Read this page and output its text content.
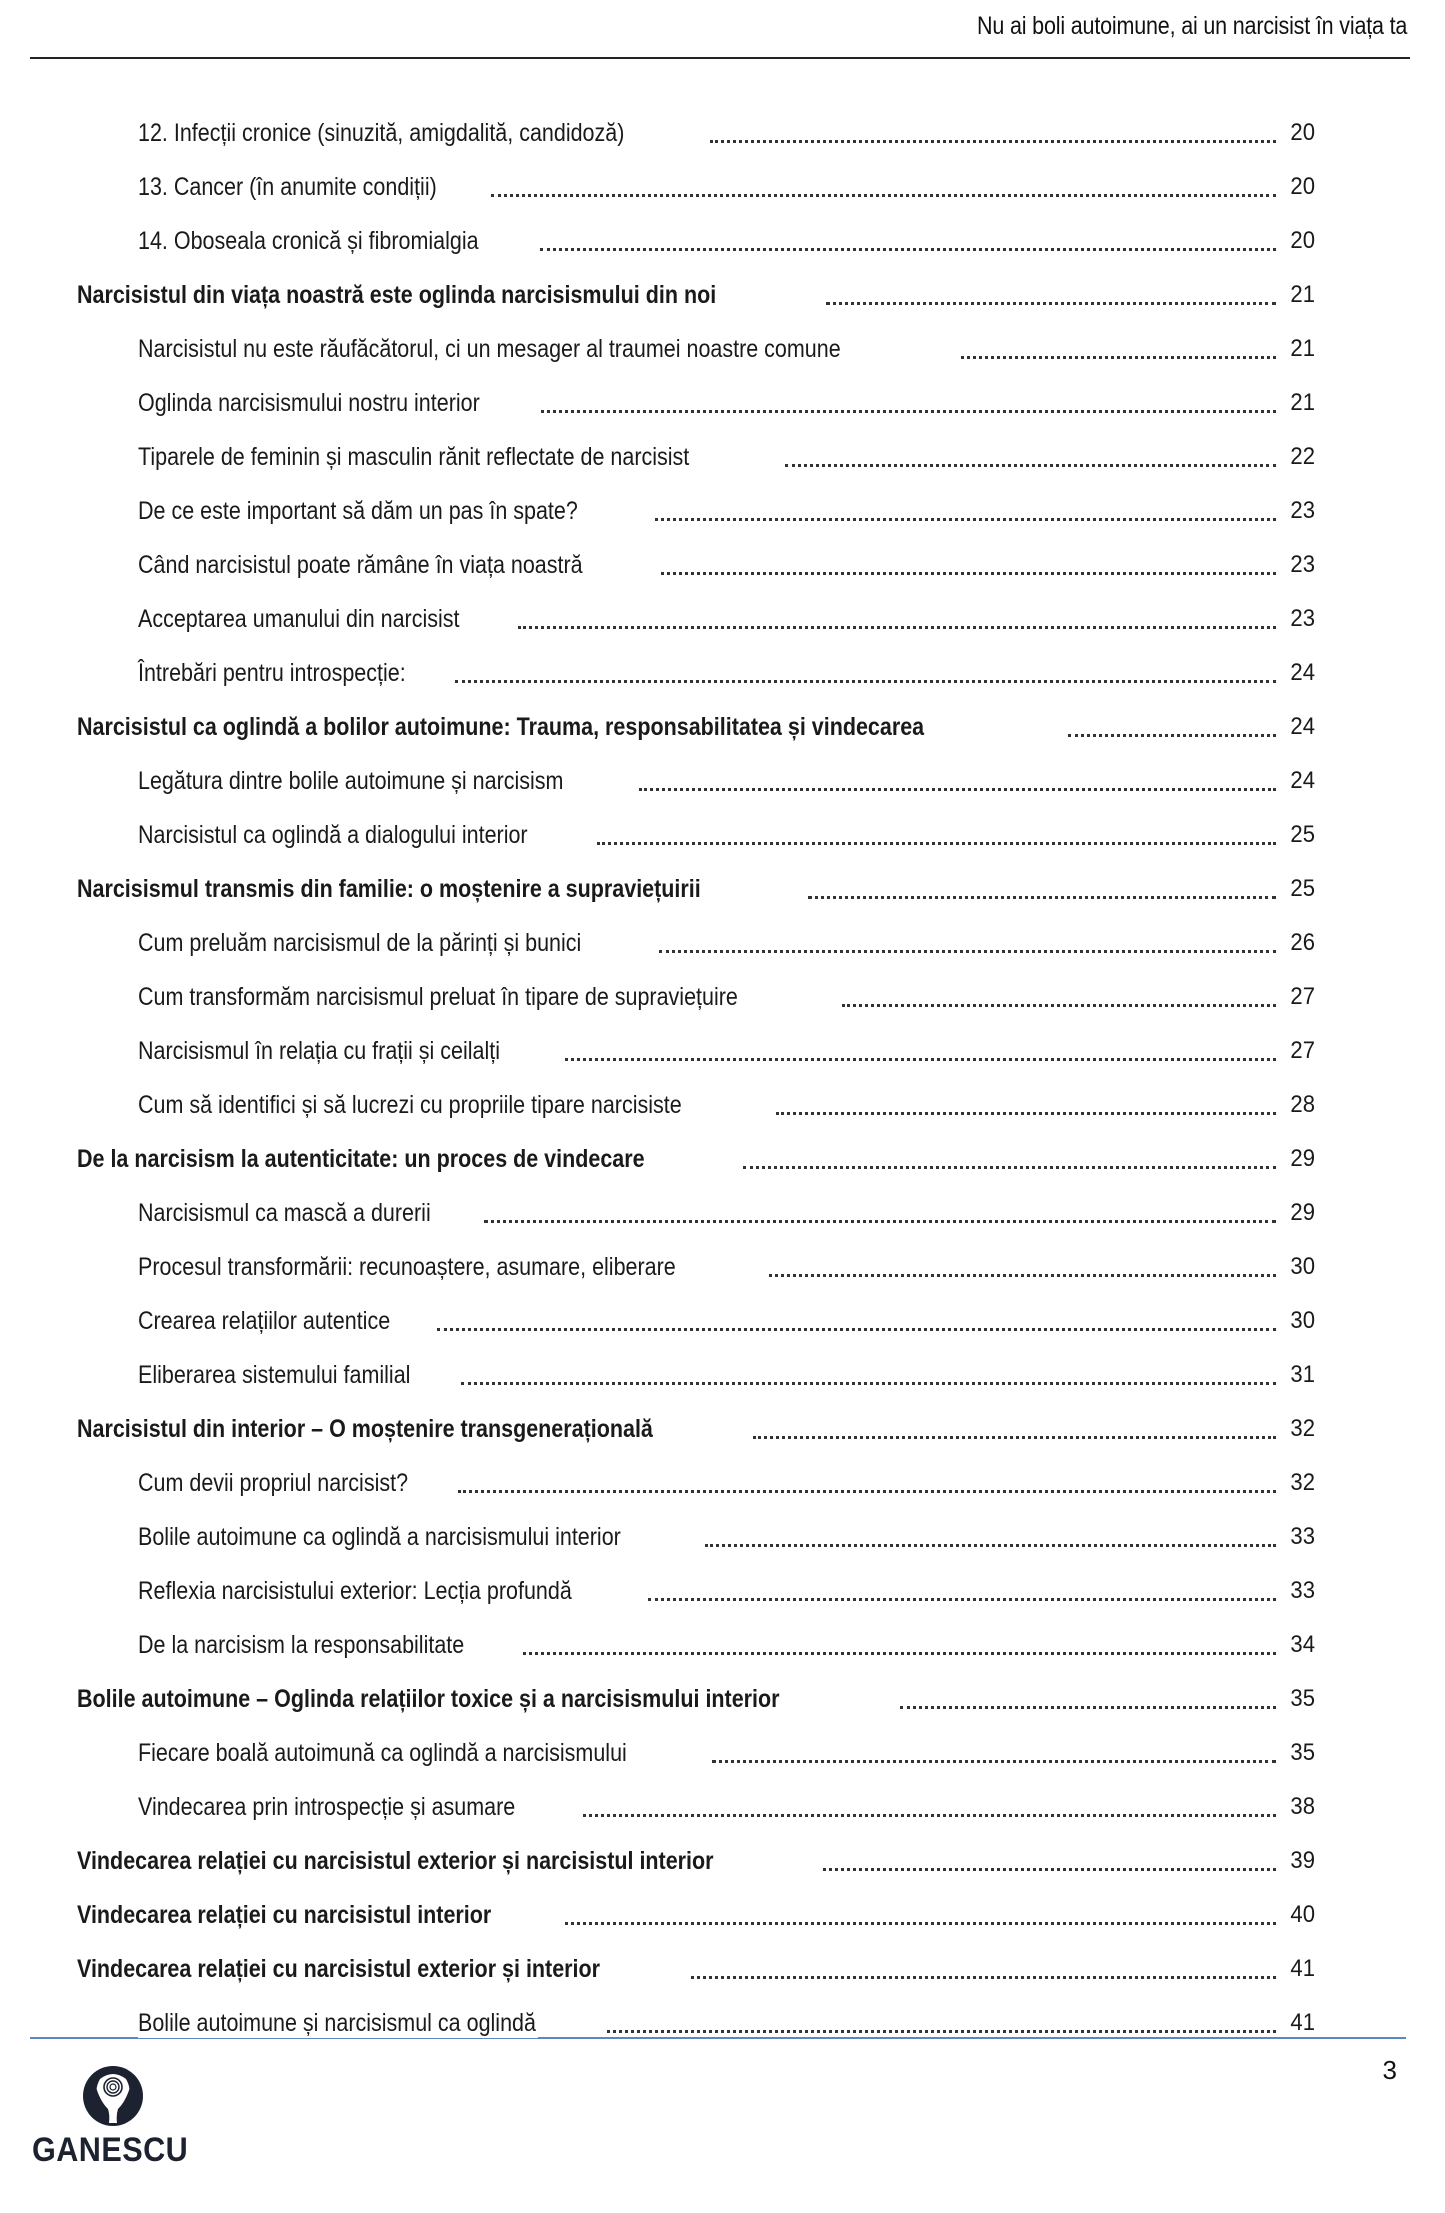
Nu ai boli autoimune, ai un narcisist în viața ta
12. Infecții cronice (sinuzită, amigdalită, candidoză)	20
13. Cancer (în anumite condiții)	20
14. Oboseala cronică și fibromialgia	20
Narcisistul din viața noastră este oglinda narcisismului din noi	21
Narcisistul nu este răufăcătorul, ci un mesager al traumei noastre comune	21
Oglinda narcisismului nostru interior	21
Tiparele de feminin și masculin rănit reflectate de narcisist	22
De ce este important să dăm un pas în spate?	23
Când narcisistul poate rămâne în viața noastră	23
Acceptarea umanului din narcisist	23
Întrebări pentru introspecție:	24
Narcisistul ca oglindă a bolilor autoimune: Trauma, responsabilitatea și vindecarea	24
Legătura dintre bolile autoimune și narcisism	24
Narcisistul ca oglindă a dialogului interior	25
Narcisismul transmis din familie: o moștenire a supraviețuirii	25
Cum preluăm narcisismul de la părinți și bunici	26
Cum transformăm narcisismul preluat în tipare de supraviețuire	27
Narcisismul în relația cu frații și ceilalți	27
Cum să identifici și să lucrezi cu propriile tipare narcisiste	28
De la narcisism la autenticitate: un proces de vindecare	29
Narcisismul ca mască a durerii	29
Procesul transformării: recunoaștere, asumare, eliberare	30
Crearea relațiilor autentice	30
Eliberarea sistemului familial	31
Narcisistul din interior – O moștenire transgenerațională	32
Cum devii propriul narcisist?	32
Bolile autoimune ca oglindă a narcisismului interior	33
Reflexia narcisistului exterior: Lecția profundă	33
De la narcisism la responsabilitate	34
Bolile autoimune – Oglinda relațiilor toxice și a narcisismului interior	35
Fiecare boală autoimună ca oglindă a narcisismului	35
Vindecarea prin introspecție și asumare	38
Vindecarea relației cu narcisistul exterior și narcisistul interior	39
Vindecarea relației cu narcisistul interior	40
Vindecarea relației cu narcisistul exterior și interior	41
Bolile autoimune și narcisismul ca oglindă	41
3
GANESCU
